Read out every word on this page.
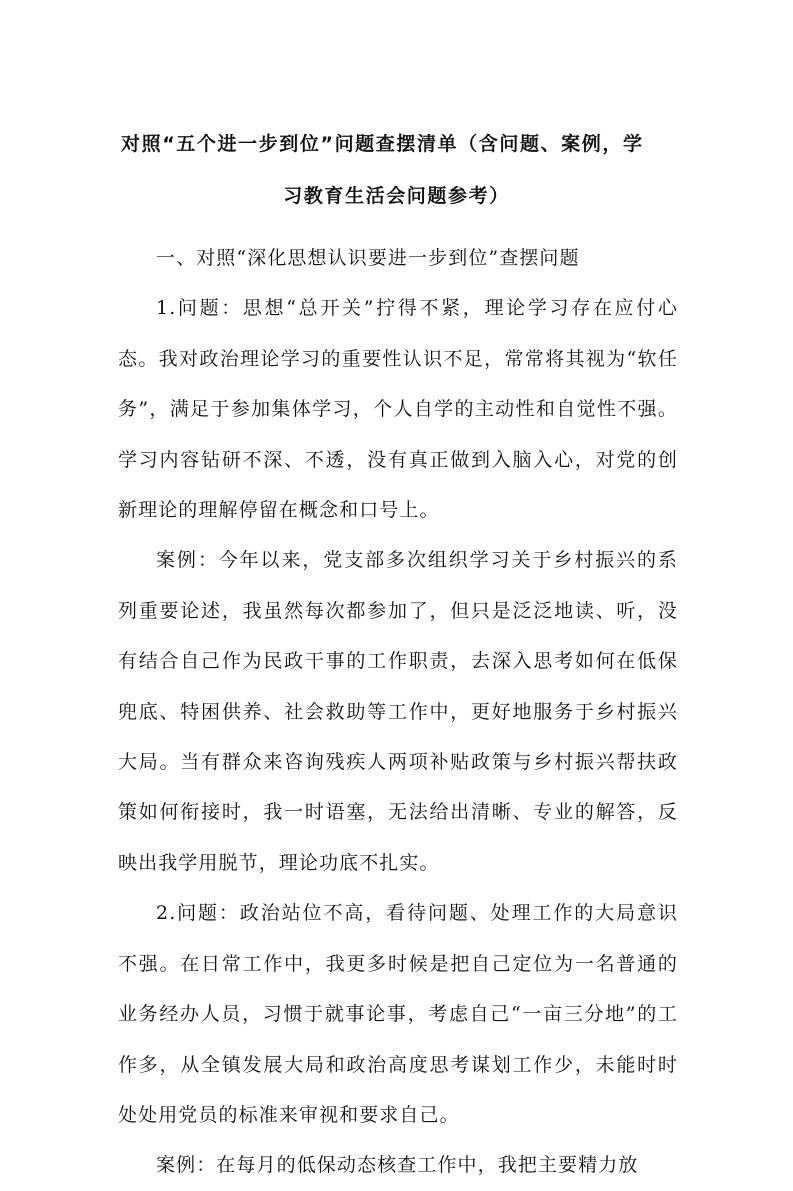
对照“五个进一步到位”问题查摆清单（含问题、案例，学
习教育生活会问题参考）

一、对照“深化思想认识要进一步到位”查摆问题

1.问题：思想“总开关”拧得不紧，理论学习存在应付心态。我对政治理论学习的重要性认识不足，常常将其视为“软任务”，满足于参加集体学习，个人自学的主动性和自觉性不强。学习内容钻研不深、不透，没有真正做到入脑入心，对党的创新理论的理解停留在概念和口号上。

案例：今年以来，党支部多次组织学习关于乡村振兴的系列重要论述，我虽然每次都参加了，但只是泛泛地读、听，没有结合自己作为民政干事的工作职责，去深入思考如何在低保兜底、特困供养、社会救助等工作中，更好地服务于乡村振兴大局。当有群众来咨询残疾人两项补贴政策与乡村振兴帮扶政策如何衔接时，我一时语塞，无法给出清晰、专业的解答，反映出我学用脱节，理论功底不扎实。

2.问题：政治站位不高，看待问题、处理工作的大局意识不强。在日常工作中，我更多时候是把自己定位为一名普通的业务经办人员，习惯于就事论事，考虑自己“一亩三分地”的工作多，从全镇发展大局和政治高度思考谋划工作少，未能时时处处用党员的标准来审视和要求自己。

案例：在每月的低保动态核查工作中，我把主要精力放
